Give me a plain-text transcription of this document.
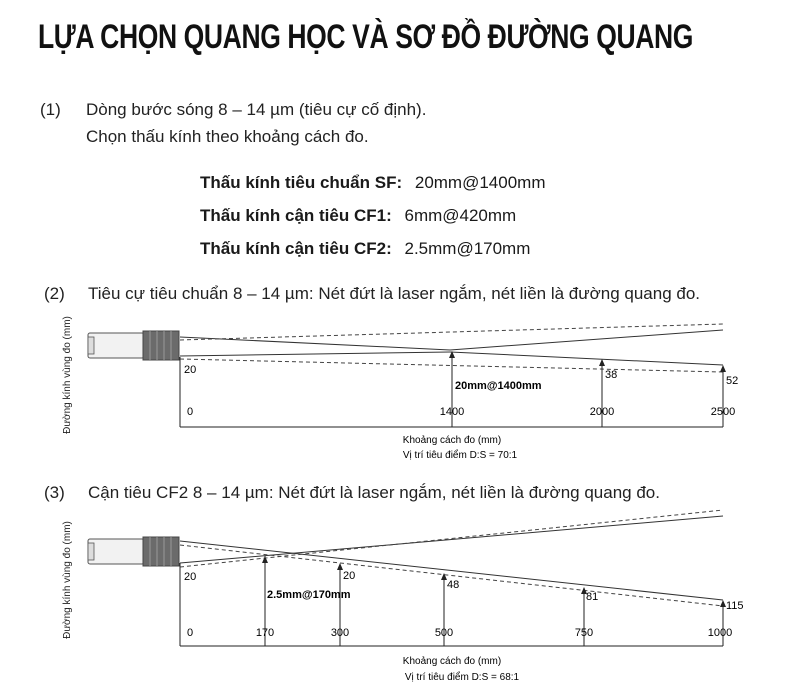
LỰA CHỌN QUANG HỌC VÀ SƠ ĐỒ ĐƯỜNG QUANG
(1) Dòng bước sóng 8 – 14 µm (tiêu cự cố định).
Chọn thấu kính theo khoảng cách đo.
Thấu kính tiêu chuẩn SF: 20mm@1400mm
Thấu kính cận tiêu CF1: 6mm@420mm
Thấu kính cận tiêu CF2: 2.5mm@170mm
(2) Tiêu cự tiêu chuẩn 8 – 14 µm: Nét đứt là laser ngắm, nét liền là đường quang đo.
Đường kính vùng đo (mm)	20
20mm@1400mm
38	52
0	1400	2000	2500
Khoảng cách đo (mm)
Vị trí tiêu điểm D:S = 70:1
(3) Cận tiêu CF2 8 – 14 µm: Nét đứt là laser ngắm, nét liền là đường quang đo.
Đường kính vùng đo (mm)	20
2.5mm@170mm
20
48
81
115
0	170	300	500	750	1000
Khoảng cách đo (mm)
Vị trí tiêu điểm D:S = 68:1
